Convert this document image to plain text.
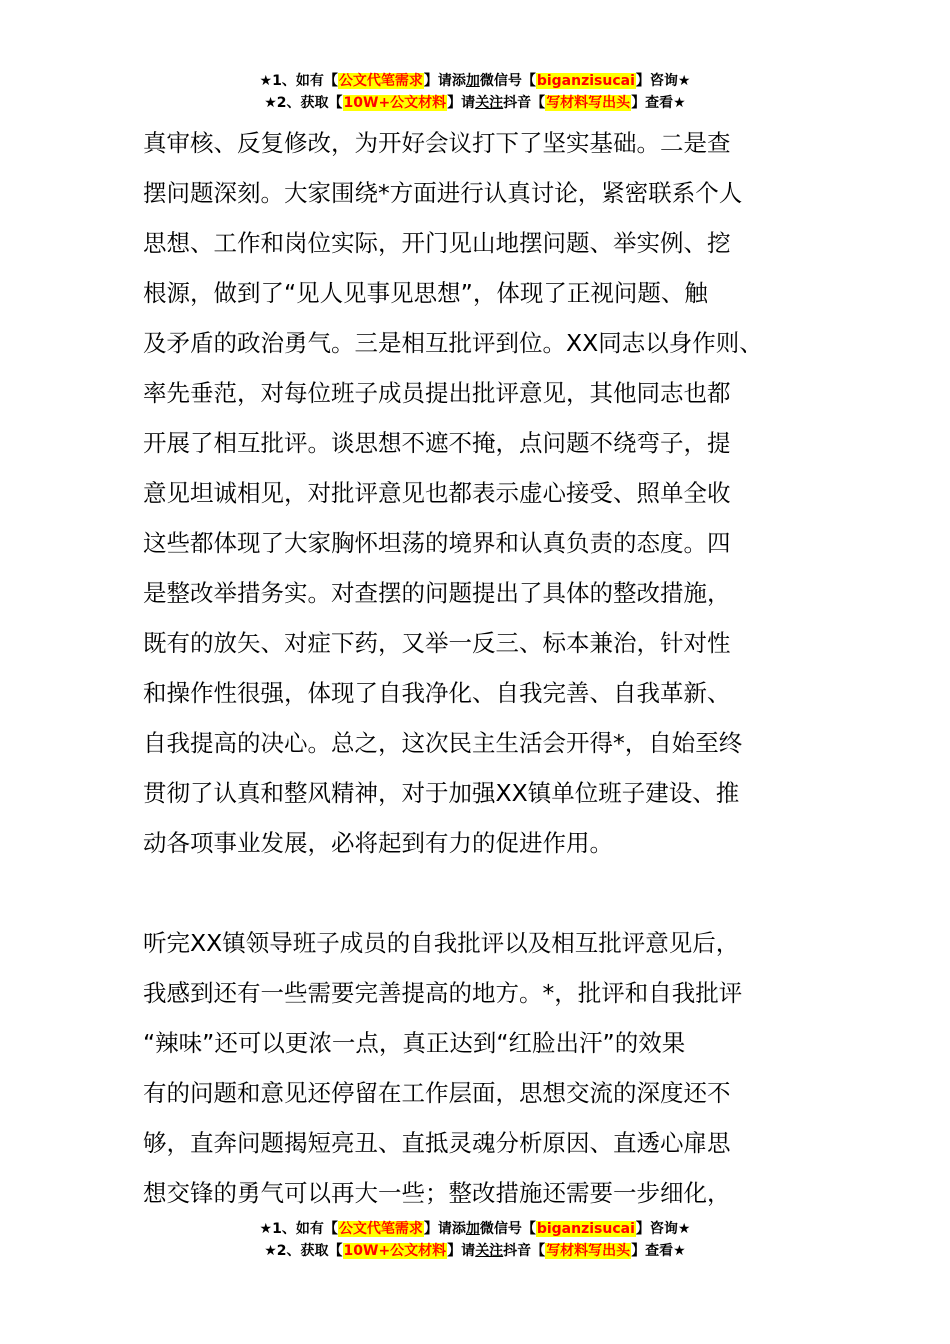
★1、如有【公文代笔需求】请添加微信号【biganzisucai】咨询★
★2、获取【10W+公文材料】请关注抖音【写材料写出头】查看★

真审核、反复修改，为开好会议打下了坚实基础。二是查
摆问题深刻。大家围绕*方面进行认真讨论，紧密联系个人
思想、工作和岗位实际，开门见山地摆问题、举实例、挖
根源，做到了“见人见事见思想”，体现了正视问题、触
及矛盾的政治勇气。三是相互批评到位。XX同志以身作则、
率先垂范，对每位班子成员提出批评意见，其他同志也都
开展了相互批评。谈思想不遮不掩，点问题不绕弯子，提
意见坦诚相见，对批评意见也都表示虚心接受、照单全收
这些都体现了大家胸怀坦荡的境界和认真负责的态度。四
是整改举措务实。对查摆的问题提出了具体的整改措施，
既有的放矢、对症下药，又举一反三、标本兼治，针对性
和操作性很强，体现了自我净化、自我完善、自我革新、
自我提高的决心。总之，这次民主生活会开得*，自始至终
贯彻了认真和整风精神，对于加强XX镇单位班子建设、推
动各项事业发展，必将起到有力的促进作用。

听完XX镇领导班子成员的自我批评以及相互批评意见后，
我感到还有一些需要完善提高的地方。*，批评和自我批评
“辣味”还可以更浓一点，真正达到“红脸出汗”的效果
有的问题和意见还停留在工作层面，思想交流的深度还不
够，直奔问题揭短亮丑、直抵灵魂分析原因、直透心扉思
想交锋的勇气可以再大一些；整改措施还需要一步细化，

★1、如有【公文代笔需求】请添加微信号【biganzisucai】咨询★
★2、获取【10W+公文材料】请关注抖音【写材料写出头】查看★
